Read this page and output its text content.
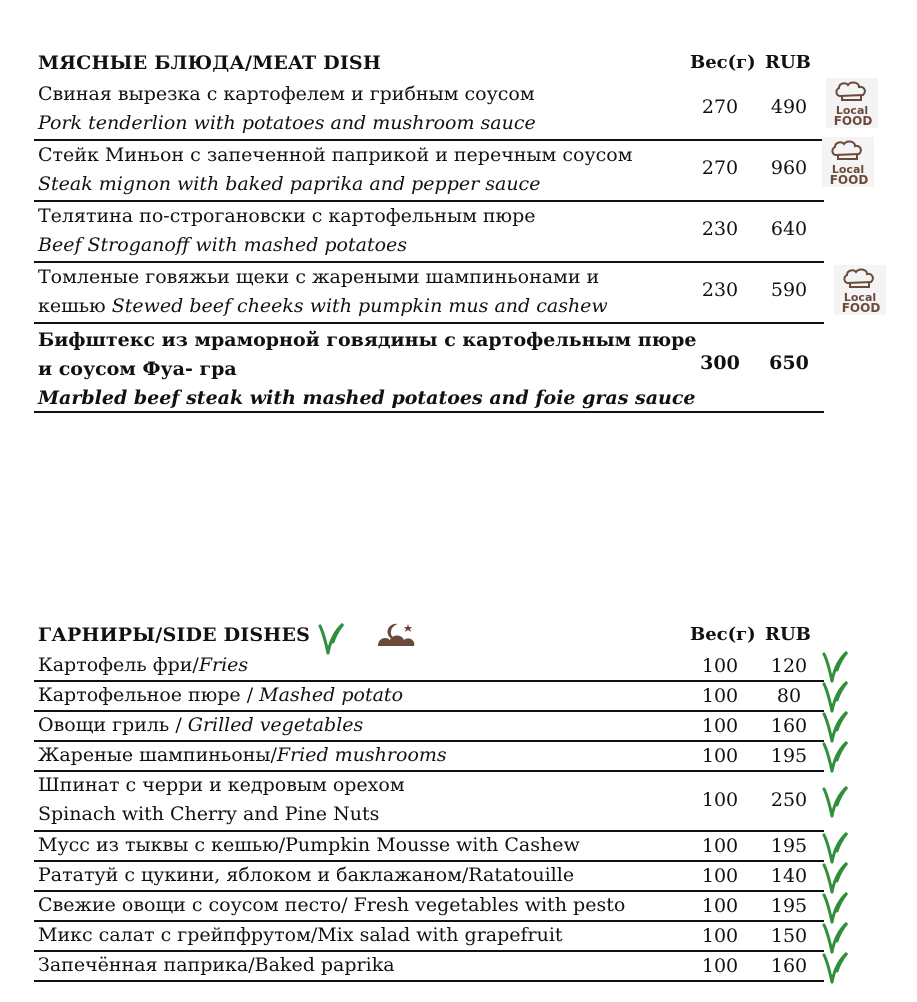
МЯСНЫЕ БЛЮДА/MEAT DISH	Вес(г) RUB
Свиная вырезка с картофелем и грибным соусом
Pork tenderlion with potatoes and mushroom sauce
270	490
Стейк Миньон с запеченной паприкой и перечным соусом
Steak mignon with baked paprika and pepper sauce
270	960
Телятина по-строгановски с картофельным пюре
Beef Stroganoff with mashed potatoes
230	640
Томленые говяжьи щеки с жареными шампиньонами и
кешью Stewed beef cheeks with pumpkin mus and cashew
230	590
Бифштекс из мраморной говядины с картофельным пюре
и соусом Фуа- гра
Marbled beef steak with mashed potatoes and foie gras sauce
300	650
Local
FOOD
Local
FOOD
Local
FOOD
ГАРНИРЫ/SIDE DISHES	Вес(г) RUB
Картофель фри/Fries	100	120
Картофельное пюре / Mashed potato	100	80
Овощи гриль / Grilled vegetables	100	160
Жареные шампиньоны/Fried mushrooms	100	195
Шпинат с черри и кедровым орехом
Spinach with Cherry and Pine Nuts
100	250
Мусс из тыквы с кешью/Pumpkin Mousse with Cashew	100	195
Рататуй с цукини, яблоком и баклажаном/Ratatouille	100	140
Свежие овощи с соусом песто/ Fresh vegetables with pesto	100	195
Микс салат с грейпфрутом/Mix salad with grapefruit	100	150
Запечённая паприка/Baked paprika	100	160
